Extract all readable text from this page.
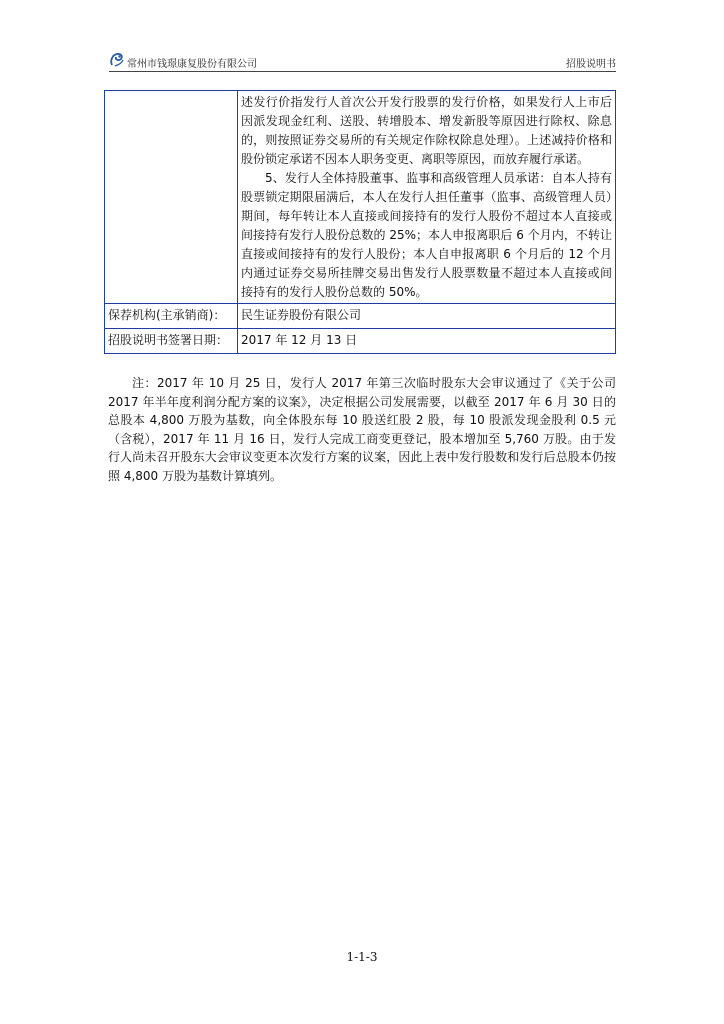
常州市钱璟康复股份有限公司	招股说明书

	述发行价指发行人首次公开发行股票的发行价格，如果发行人上市后因派发现金红利、送股、转增股本、增发新股等原因进行除权、除息的，则按照证券交易所的有关规定作除权除息处理）。上述减持价格和股份锁定承诺不因本人职务变更、离职等原因，而放弃履行承诺。

5、发行人全体持股董事、监事和高级管理人员承诺：自本人持有股票锁定期限届满后，本人在发行人担任董事（监事、高级管理人员）期间，每年转让本人直接或间接持有的发行人股份不超过本人直接或间接持有发行人股份总数的 25%；本人申报离职后 6 个月内，不转让直接或间接持有的发行人股份；本人自申报离职 6 个月后的 12 个月内通过证券交易所挂牌交易出售发行人股票数量不超过本人直接或间接持有的发行人股份总数的 50%。

保荐机构(主承销商)：	民生证券股份有限公司
招股说明书签署日期：	2017 年 12 月 13 日

注：2017 年 10 月 25 日，发行人 2017 年第三次临时股东大会审议通过了《关于公司 2017 年半年度利润分配方案的议案》，决定根据公司发展需要，以截至 2017 年 6 月 30 日的总股本 4,800 万股为基数，向全体股东每 10 股送红股 2 股，每 10 股派发现金股利 0.5 元（含税），2017 年 11 月 16 日，发行人完成工商变更登记，股本增加至 5,760 万股。由于发行人尚未召开股东大会审议变更本次发行方案的议案，因此上表中发行股数和发行后总股本仍按照 4,800 万股为基数计算填列。

1-1-3
